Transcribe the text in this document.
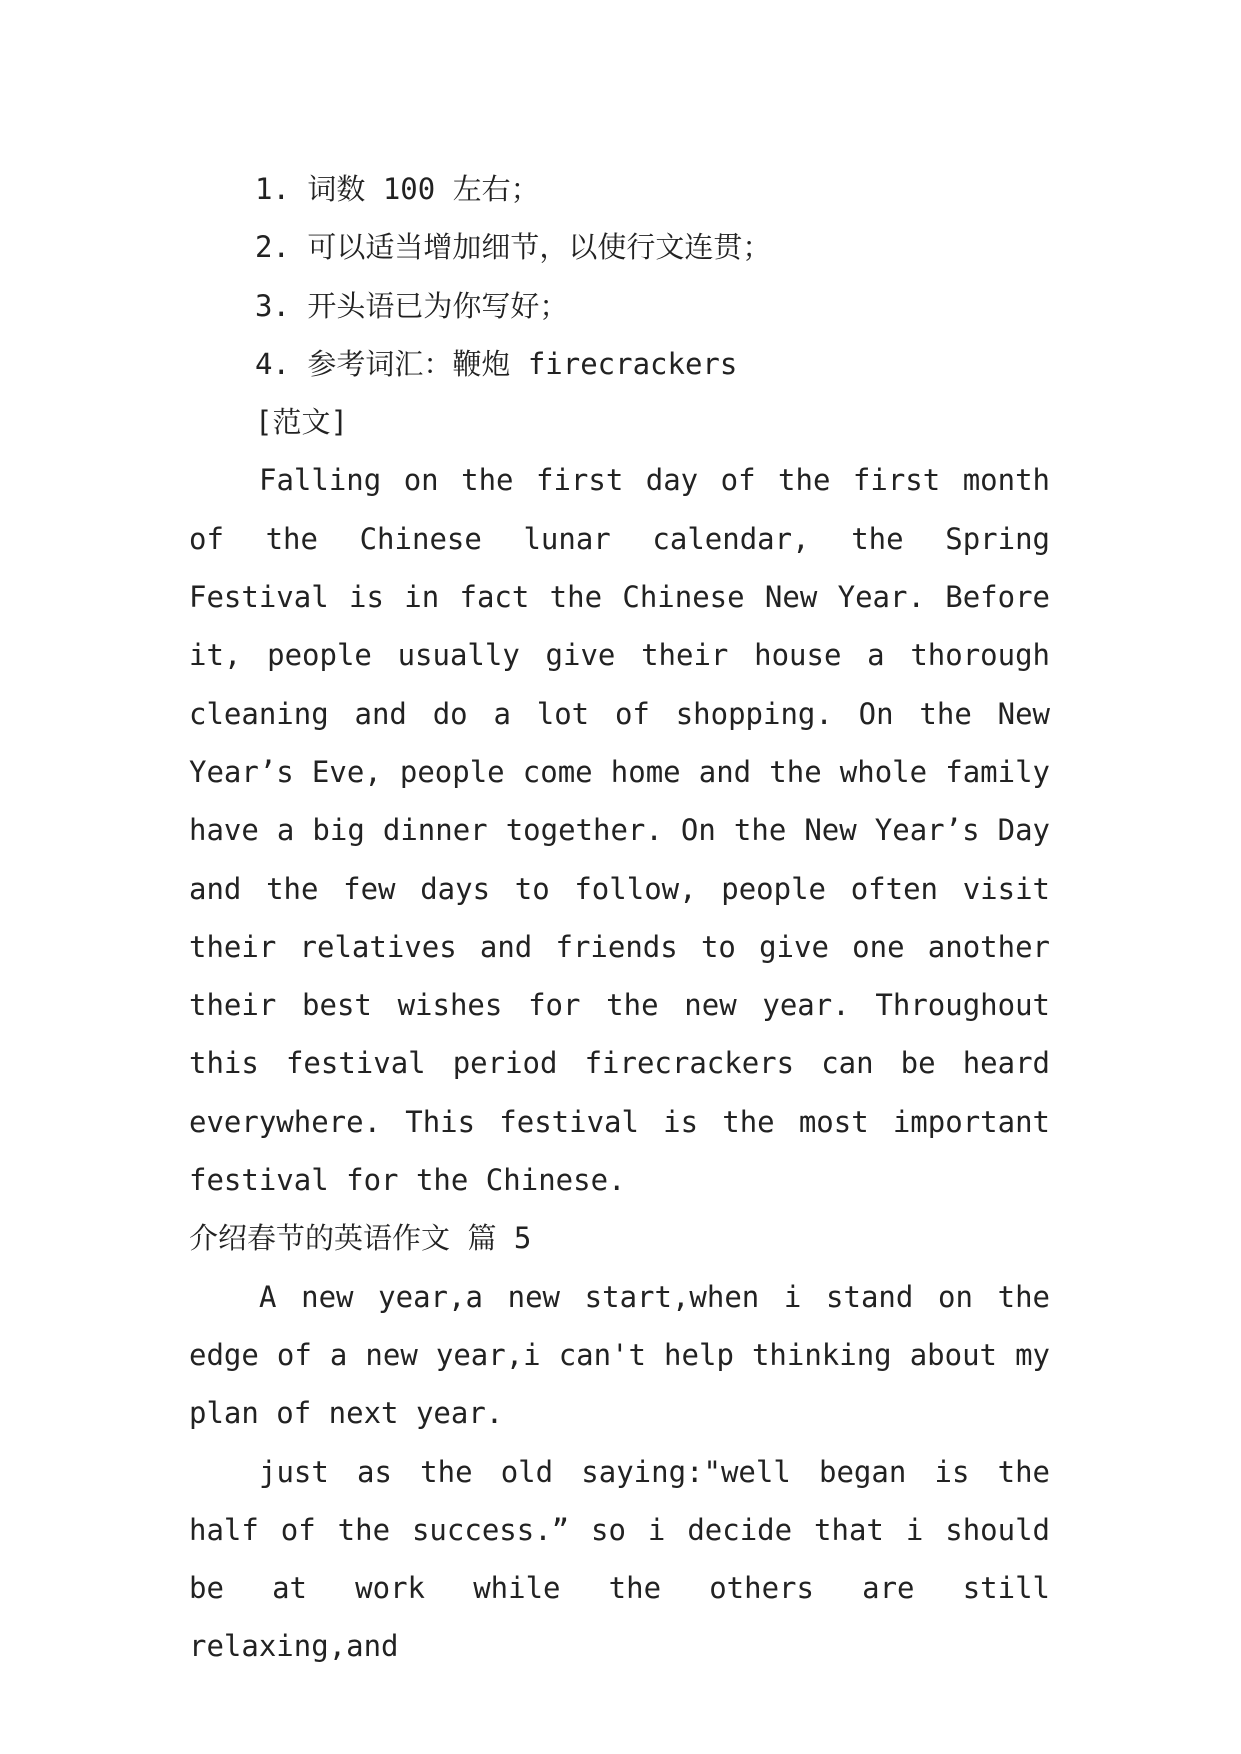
1. 词数 100 左右；
2. 可以适当增加细节，以使行文连贯；
3. 开头语已为你写好；
4. 参考词汇：鞭炮 firecrackers
[范文]

Falling on the first day of the first month of the Chinese lunar calendar, the Spring Festival is in fact the Chinese New Year. Before it, people usually give their house a thorough cleaning and do a lot of shopping. On the New Year’s Eve, people come home and the whole family have a big dinner together. On the New Year’s Day and the few days to follow, people often visit their relatives and friends to give one another their best wishes for the new year. Throughout this festival period firecrackers can be heard everywhere. This festival is the most important festival for the Chinese.

介绍春节的英语作文 篇 5

A new year,a new start,when i stand on the edge of a new year,i can't help thinking about my plan of next year.

just as the old saying:"well began is the half of the success.” so i decide that i should be at work while the others are still relaxing,and
